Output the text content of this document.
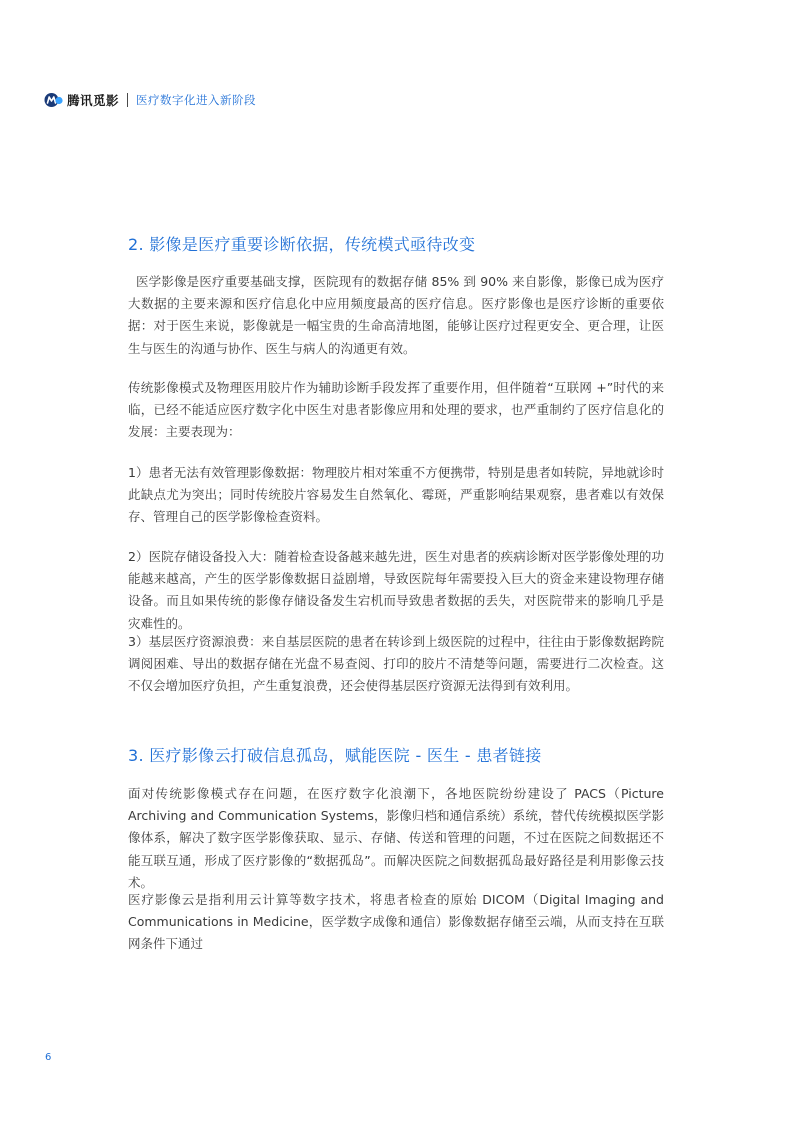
腾讯觅影 医疗数字化进入新阶段
2. 影像是医疗重要诊断依据，传统模式亟待改变

医学影像是医疗重要基础支撑，医院现有的数据存储 85% 到 90% 来自影像，影像已成为医疗大数据的主要来源和医疗信息化中应用频度最高的医疗信息。医疗影像也是医疗诊断的重要依据：对于医生来说，影像就是一幅宝贵的生命高清地图，能够让医疗过程更安全、更合理，让医生与医生的沟通与协作、医生与病人的沟通更有效。

传统影像模式及物理医用胶片作为辅助诊断手段发挥了重要作用，但伴随着“互联网 +”时代的来临，已经不能适应医疗数字化中医生对患者影像应用和处理的要求，也严重制约了医疗信息化的发展：主要表现为：

1）患者无法有效管理影像数据：物理胶片相对笨重不方便携带，特别是患者如转院，异地就诊时此缺点尤为突出；同时传统胶片容易发生自然氧化、霉斑，严重影响结果观察，患者难以有效保存、管理自己的医学影像检查资料。

2）医院存储设备投入大：随着检查设备越来越先进，医生对患者的疾病诊断对医学影像处理的功能越来越高，产生的医学影像数据日益剧增，导致医院每年需要投入巨大的资金来建设物理存储设备。而且如果传统的影像存储设备发生宕机而导致患者数据的丢失，对医院带来的影响几乎是灾难性的。

3）基层医疗资源浪费：来自基层医院的患者在转诊到上级医院的过程中，往往由于影像数据跨院调阅困难、导出的数据存储在光盘不易查阅、打印的胶片不清楚等问题，需要进行二次检查。这不仅会增加医疗负担，产生重复浪费，还会使得基层医疗资源无法得到有效利用。

3. 医疗影像云打破信息孤岛，赋能医院 - 医生 - 患者链接

面对传统影像模式存在问题，在医疗数字化浪潮下，各地医院纷纷建设了 PACS（Picture Archiving and Communication Systems，影像归档和通信系统）系统，替代传统模拟医学影像体系，解决了数字医学影像获取、显示、存储、传送和管理的问题，不过在医院之间数据还不能互联互通，形成了医疗影像的“数据孤岛”。而解决医院之间数据孤岛最好路径是利用影像云技术。

医疗影像云是指利用云计算等数字技术，将患者检查的原始 DICOM（Digital Imaging and Communications in Medicine，医学数字成像和通信）影像数据存储至云端，从而支持在互联网条件下通过

6
